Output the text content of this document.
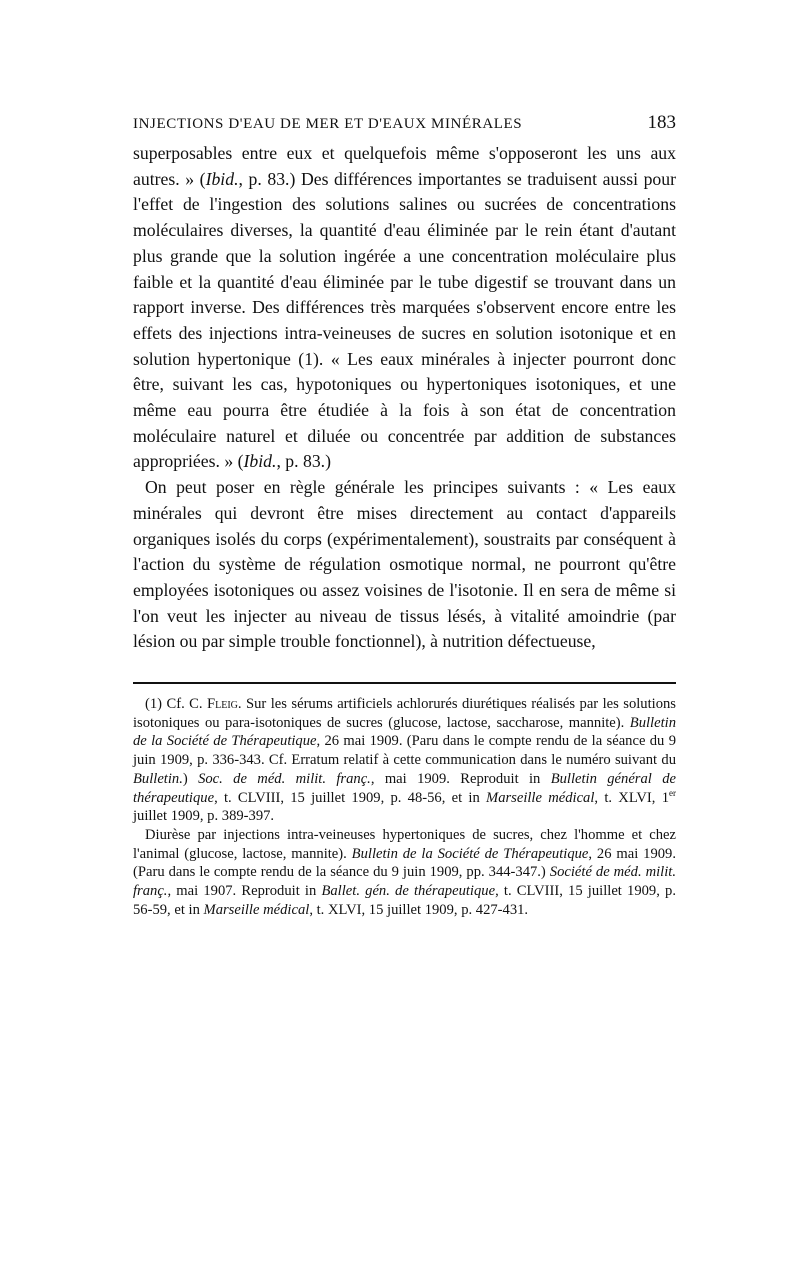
INJECTIONS D'EAU DE MER ET D'EAUX MINÉRALES	183

superposables entre eux et quelquefois même s'opposeront les uns aux autres. » (Ibid., p. 83.) Des différences importantes se traduisent aussi pour l'effet de l'ingestion des solutions salines ou sucrées de concentrations moléculaires diverses, la quantité d'eau éliminée par le rein étant d'autant plus grande que la solution ingérée a une concentration moléculaire plus faible et la quantité d'eau éliminée par le tube digestif se trouvant dans un rapport inverse. Des différences très marquées s'observent encore entre les effets des injections intra-veineuses de sucres en solution isotonique et en solution hypertonique (1). « Les eaux minérales à injecter pourront donc être, suivant les cas, hypotoniques ou hypertoniques isotoniques, et une même eau pourra être étudiée à la fois à son état de concentration moléculaire naturel et diluée ou concentrée par addition de substances appropriées. » (Ibid., p. 83.)

On peut poser en règle générale les principes suivants : « Les eaux minérales qui devront être mises directement au contact d'appareils organiques isolés du corps (expérimentalement), soustraits par conséquent à l'action du système de régulation osmotique normal, ne pourront qu'être employées isotoniques ou assez voisines de l'isotonie. Il en sera de même si l'on veut les injecter au niveau de tissus lésés, à vitalité amoindrie (par lésion ou par simple trouble fonctionnel), à nutrition défectueuse,

(1) Cf. C. Fleig. Sur les sérums artificiels achlorurés diurétiques réalisés par les solutions isotoniques ou para-isotoniques de sucres (glucose, lactose, saccharose, mannite). Bulletin de la Société de Thérapeutique, 26 mai 1909. (Paru dans le compte rendu de la séance du 9 juin 1909, p. 336-343. Cf. Erratum relatif à cette communication dans le numéro suivant du Bulletin.) Soc. de méd. milit. franç., mai 1909. Reproduit in Bulletin général de thérapeutique, t. CLVIII, 15 juillet 1909, p. 48-56, et in Marseille médical, t. XLVI, 1er juillet 1909, p. 389-397.

Diurèse par injections intra-veineuses hypertoniques de sucres, chez l'homme et chez l'animal (glucose, lactose, mannite). Bulletin de la Société de Thérapeutique, 26 mai 1909. (Paru dans le compte rendu de la séance du 9 juin 1909, pp. 344-347.) Société de méd. milit. franç., mai 1907. Reproduit in Ballet. gén. de thérapeutique, t. CLVIII, 15 juillet 1909, p. 56-59, et in Marseille médical, t. XLVI, 15 juillet 1909, p. 427-431.
